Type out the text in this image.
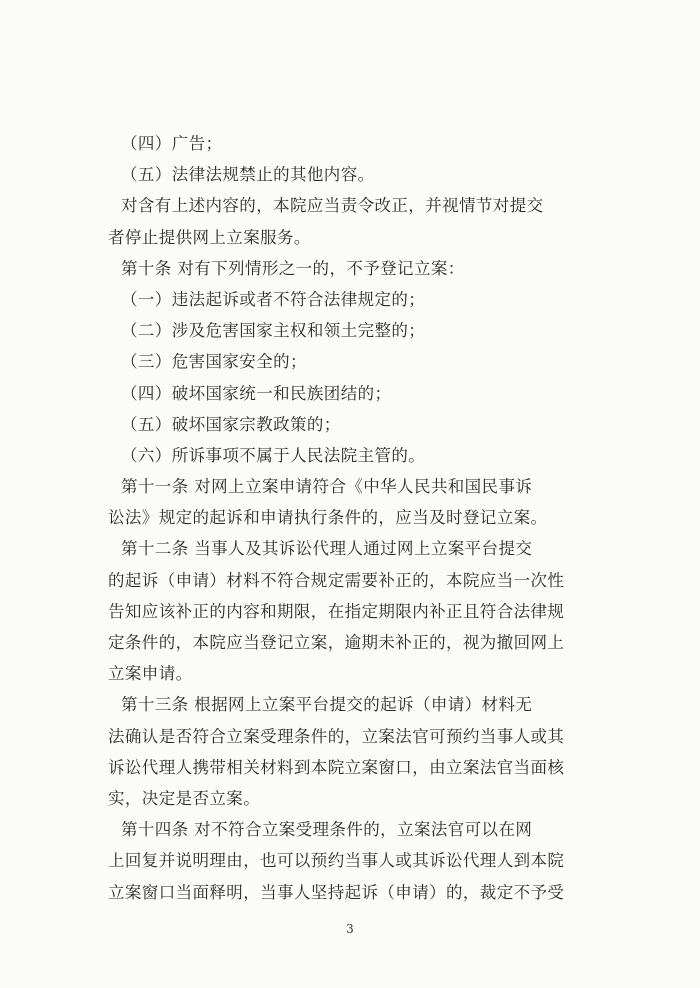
（四）广告；
（五）法律法规禁止的其他内容。
对含有上述内容的，本院应当责令改正，并视情节对提交
者停止提供网上立案服务。
第十条 对有下列情形之一的，不予登记立案：
（一）违法起诉或者不符合法律规定的；
（二）涉及危害国家主权和领土完整的；
（三）危害国家安全的；
（四）破坏国家统一和民族团结的；
（五）破坏国家宗教政策的；
（六）所诉事项不属于人民法院主管的。
第十一条 对网上立案申请符合《中华人民共和国民事诉
讼法》规定的起诉和申请执行条件的，应当及时登记立案。
第十二条 当事人及其诉讼代理人通过网上立案平台提交
的起诉（申请）材料不符合规定需要补正的，本院应当一次性
告知应该补正的内容和期限，在指定期限内补正且符合法律规
定条件的，本院应当登记立案，逾期未补正的，视为撤回网上
立案申请。
第十三条 根据网上立案平台提交的起诉（申请）材料无
法确认是否符合立案受理条件的，立案法官可预约当事人或其
诉讼代理人携带相关材料到本院立案窗口，由立案法官当面核
实，决定是否立案。
第十四条 对不符合立案受理条件的，立案法官可以在网
上回复并说明理由，也可以预约当事人或其诉讼代理人到本院
立案窗口当面释明，当事人坚持起诉（申请）的，裁定不予受
3
